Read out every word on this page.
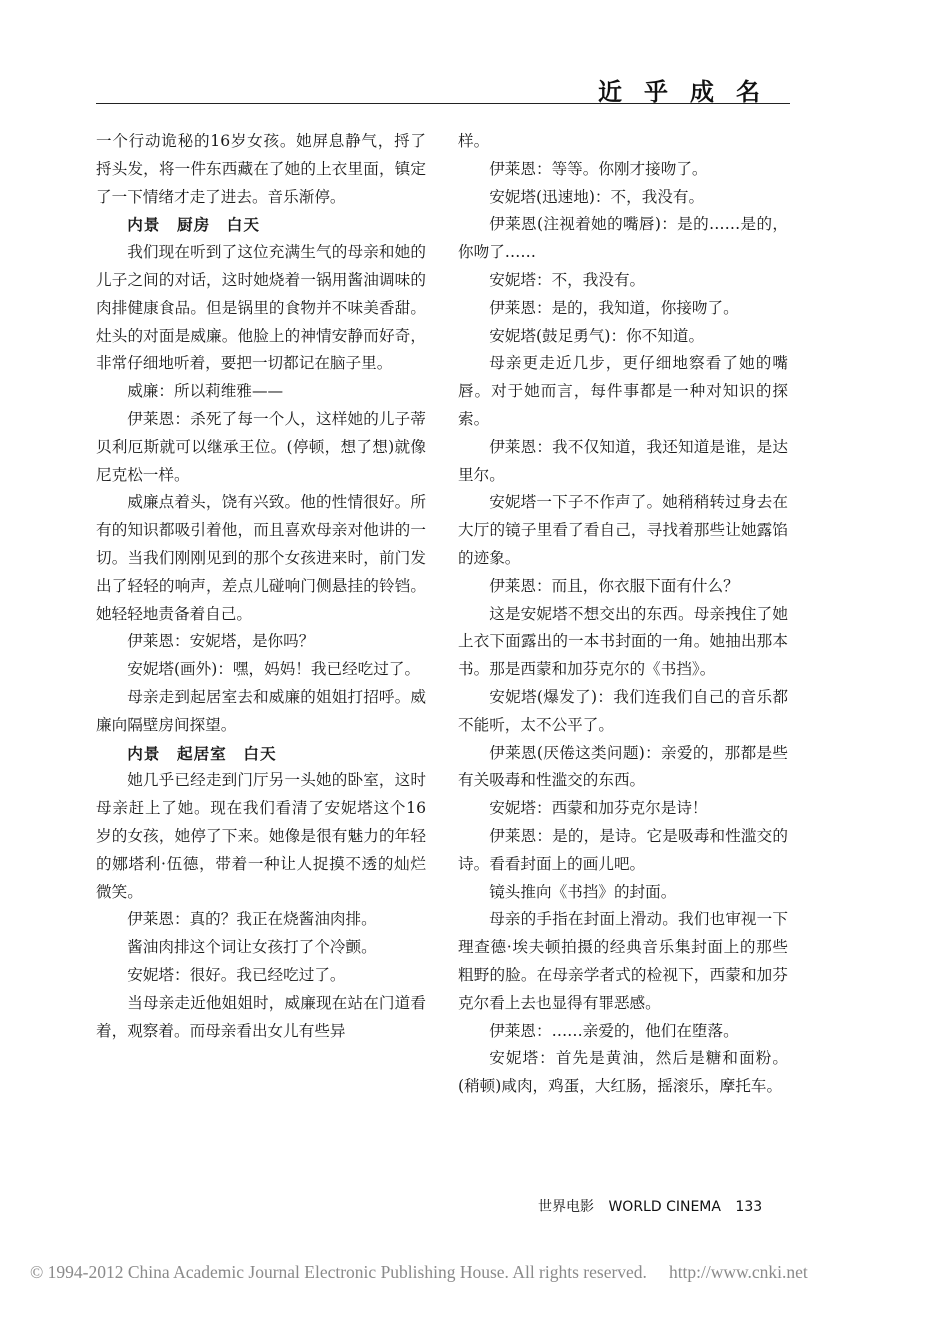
近乎成名

一个行动诡秘的16岁女孩。她屏息静气，捋了捋头发，将一件东西藏在了她的上衣里面，镇定了一下情绪才走了进去。音乐渐停。

内景　厨房　白天

我们现在听到了这位充满生气的母亲和她的儿子之间的对话，这时她烧着一锅用酱油调味的肉排健康食品。但是锅里的食物并不味美香甜。灶头的对面是威廉。他脸上的神情安静而好奇，非常仔细地听着，要把一切都记在脑子里。

威廉：所以莉维雅——

伊莱恩：杀死了每一个人，这样她的儿子蒂贝利厄斯就可以继承王位。(停顿，想了想)就像尼克松一样。

威廉点着头，饶有兴致。他的性情很好。所有的知识都吸引着他，而且喜欢母亲对他讲的一切。当我们刚刚见到的那个女孩进来时，前门发出了轻轻的响声，差点儿碰响门侧悬挂的铃铛。她轻轻地责备着自己。

伊莱恩：安妮塔，是你吗？

安妮塔(画外)：嘿，妈妈！我已经吃过了。

母亲走到起居室去和威廉的姐姐打招呼。威廉向隔壁房间探望。

内景　起居室　白天

她几乎已经走到门厅另一头她的卧室，这时母亲赶上了她。现在我们看清了安妮塔这个16岁的女孩，她停了下来。她像是很有魅力的年轻的娜塔利·伍德，带着一种让人捉摸不透的灿烂微笑。

伊莱恩：真的？我正在烧酱油肉排。

酱油肉排这个词让女孩打了个冷颤。

安妮塔：很好。我已经吃过了。

当母亲走近他姐姐时，威廉现在站在门道看着，观察着。而母亲看出女儿有些异

样。

伊莱恩：等等。你刚才接吻了。

安妮塔(迅速地)：不，我没有。

伊莱恩(注视着她的嘴唇)：是的……是的，你吻了……

安妮塔：不，我没有。

伊莱恩：是的，我知道，你接吻了。

安妮塔(鼓足勇气)：你不知道。

母亲更走近几步，更仔细地察看了她的嘴唇。对于她而言，每件事都是一种对知识的探索。

伊莱恩：我不仅知道，我还知道是谁，是达里尔。

安妮塔一下子不作声了。她稍稍转过身去在大厅的镜子里看了看自己，寻找着那些让她露馅的迹象。

伊莱恩：而且，你衣服下面有什么？

这是安妮塔不想交出的东西。母亲拽住了她上衣下面露出的一本书封面的一角。她抽出那本书。那是西蒙和加芬克尔的《书挡》。

安妮塔(爆发了)：我们连我们自己的音乐都不能听，太不公平了。

伊莱恩(厌倦这类问题)：亲爱的，那都是些有关吸毒和性滥交的东西。

安妮塔：西蒙和加芬克尔是诗！

伊莱恩：是的，是诗。它是吸毒和性滥交的诗。看看封面上的画儿吧。

镜头推向《书挡》的封面。

母亲的手指在封面上滑动。我们也审视一下理查德·埃夫顿拍摄的经典音乐集封面上的那些粗野的脸。在母亲学者式的检视下，西蒙和加芬克尔看上去也显得有罪恶感。

伊莱恩：……亲爱的，他们在堕落。

安妮塔：首先是黄油，然后是糖和面粉。(稍顿)咸肉，鸡蛋，大红肠，摇滚乐，摩托车。

世界电影 WORLD CINEMA 133
© 1994-2012 China Academic Journal Electronic Publishing House. All rights reserved. http://www.cnki.net
